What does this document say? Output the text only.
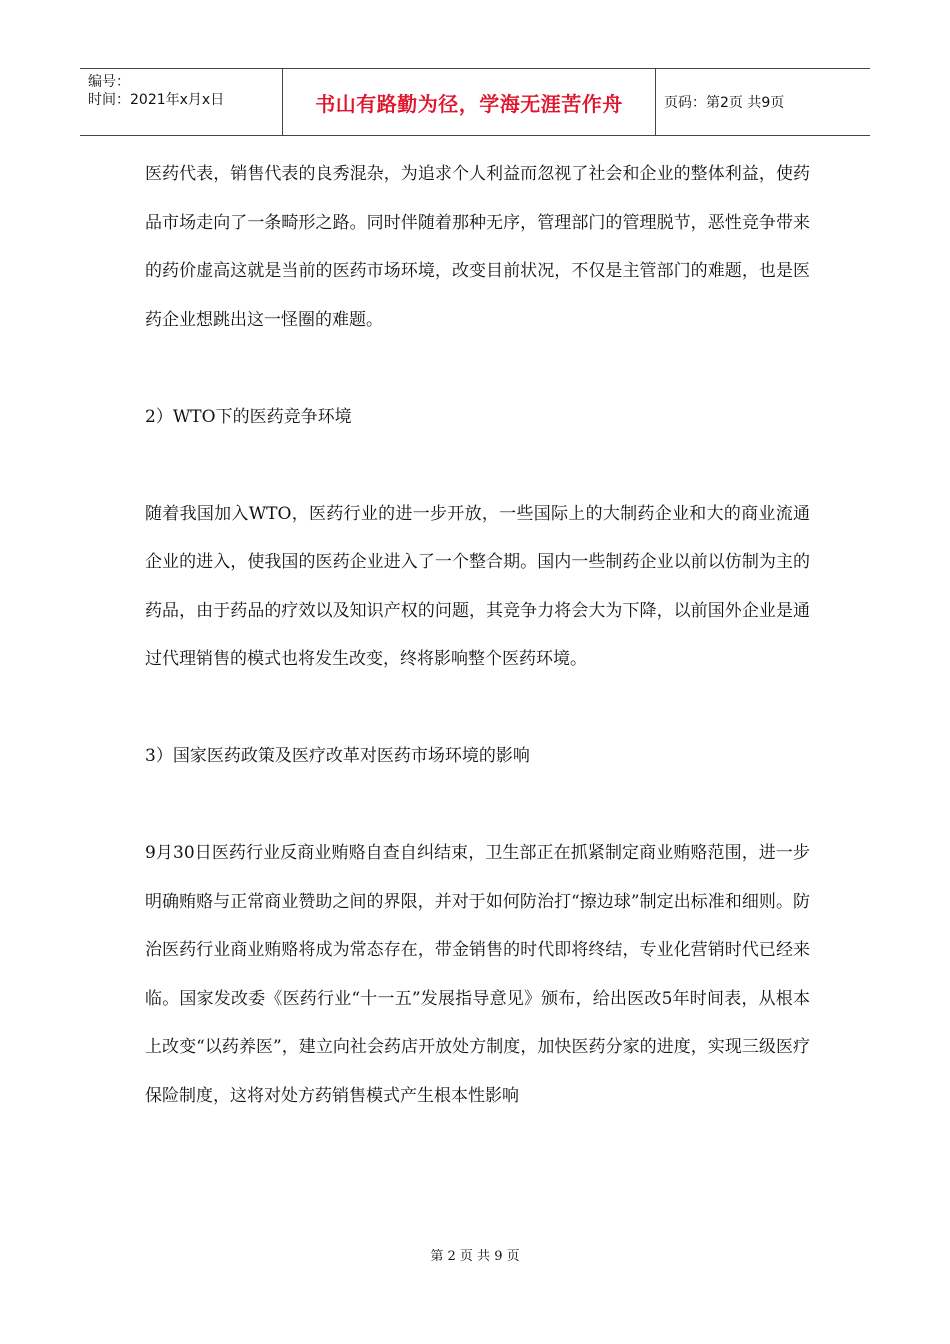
编号：
时间：2021年x月x日	书山有路勤为径，学海无涯苦作舟	页码：第2页 共9页

医药代表，销售代表的良秀混杂，为追求个人利益而忽视了社会和企业的整体利益，使药品市场走向了一条畸形之路。同时伴随着那种无序，管理部门的管理脱节，恶性竞争带来的药价虚高这就是当前的医药市场环境，改变目前状况，不仅是主管部门的难题，也是医药企业想跳出这一怪圈的难题。

2）WTO下的医药竞争环境

随着我国加入WTO，医药行业的进一步开放，一些国际上的大制药企业和大的商业流通企业的进入，使我国的医药企业进入了一个整合期。国内一些制药企业以前以仿制为主的药品，由于药品的疗效以及知识产权的问题，其竞争力将会大为下降，以前国外企业是通过代理销售的模式也将发生改变，终将影响整个医药环境。

3）国家医药政策及医疗改革对医药市场环境的影响

9月30日医药行业反商业贿赂自查自纠结束，卫生部正在抓紧制定商业贿赂范围，进一步明确贿赂与正常商业赞助之间的界限，并对于如何防治打“擦边球”制定出标准和细则。防治医药行业商业贿赂将成为常态存在，带金销售的时代即将终结，专业化营销时代已经来临。国家发改委《医药行业“十一五”发展指导意见》颁布，给出医改5年时间表，从根本上改变“以药养医”，建立向社会药店开放处方制度，加快医药分家的进度，实现三级医疗保险制度，这将对处方药销售模式产生根本性影响

第 2 页 共 9 页
